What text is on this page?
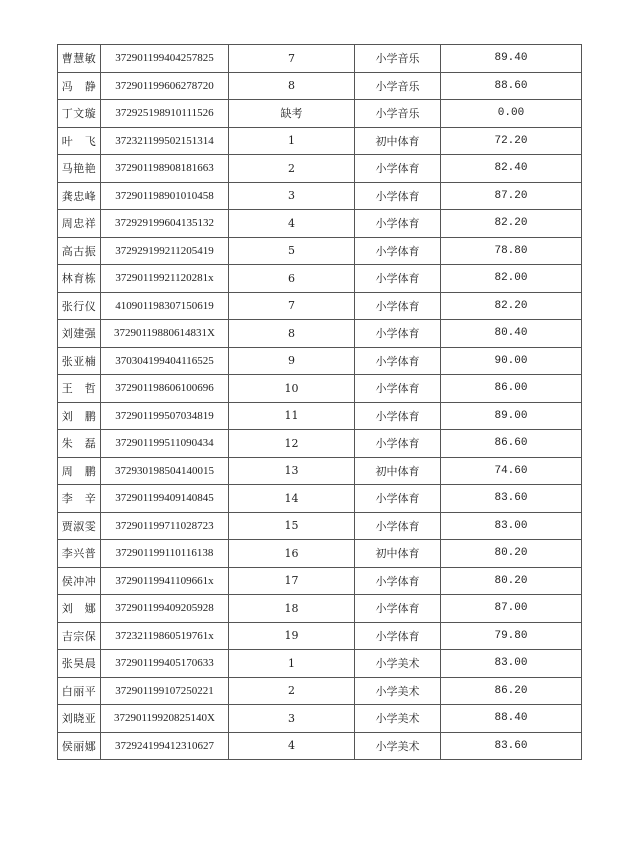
曹慧敏	372901199404257825	7	小学音乐	89.40
冯　静	372901199606278720	8	小学音乐	88.60
丁文璇	372925198910111526	缺考	小学音乐	0.00
叶　飞	372321199502151314	1	初中体育	72.20
马艳艳	372901198908181663	2	小学体育	82.40
龚忠峰	372901198901010458	3	小学体育	87.20
周忠祥	372929199604135132	4	小学体育	82.20
高古振	372929199211205419	5	小学体育	78.80
林育栋	37290119921120281x	6	小学体育	82.00
张行仪	410901198307150619	7	小学体育	82.20
刘建强	37290119880614831X	8	小学体育	80.40
张亚楠	370304199404116525	9	小学体育	90.00
王　哲	372901198606100696	10	小学体育	86.00
刘　鹏	372901199507034819	11	小学体育	89.00
朱　磊	372901199511090434	12	小学体育	86.60
周　鹏	372930198504140015	13	初中体育	74.60
李　辛	372901199409140845	14	小学体育	83.60
贾淑雯	372901199711028723	15	小学体育	83.00
李兴普	372901199110116138	16	初中体育	80.20
侯冲冲	37290119941109661x	17	小学体育	80.20
刘　娜	372901199409205928	18	小学体育	87.00
吉宗保	37232119860519761x	19	小学体育	79.80
张昊晨	372901199405170633	1	小学美术	83.00
白丽平	372901199107250221	2	小学美术	86.20
刘晓亚	37290119920825140X	3	小学美术	88.40
侯丽娜	372924199412310627	4	小学美术	83.60
